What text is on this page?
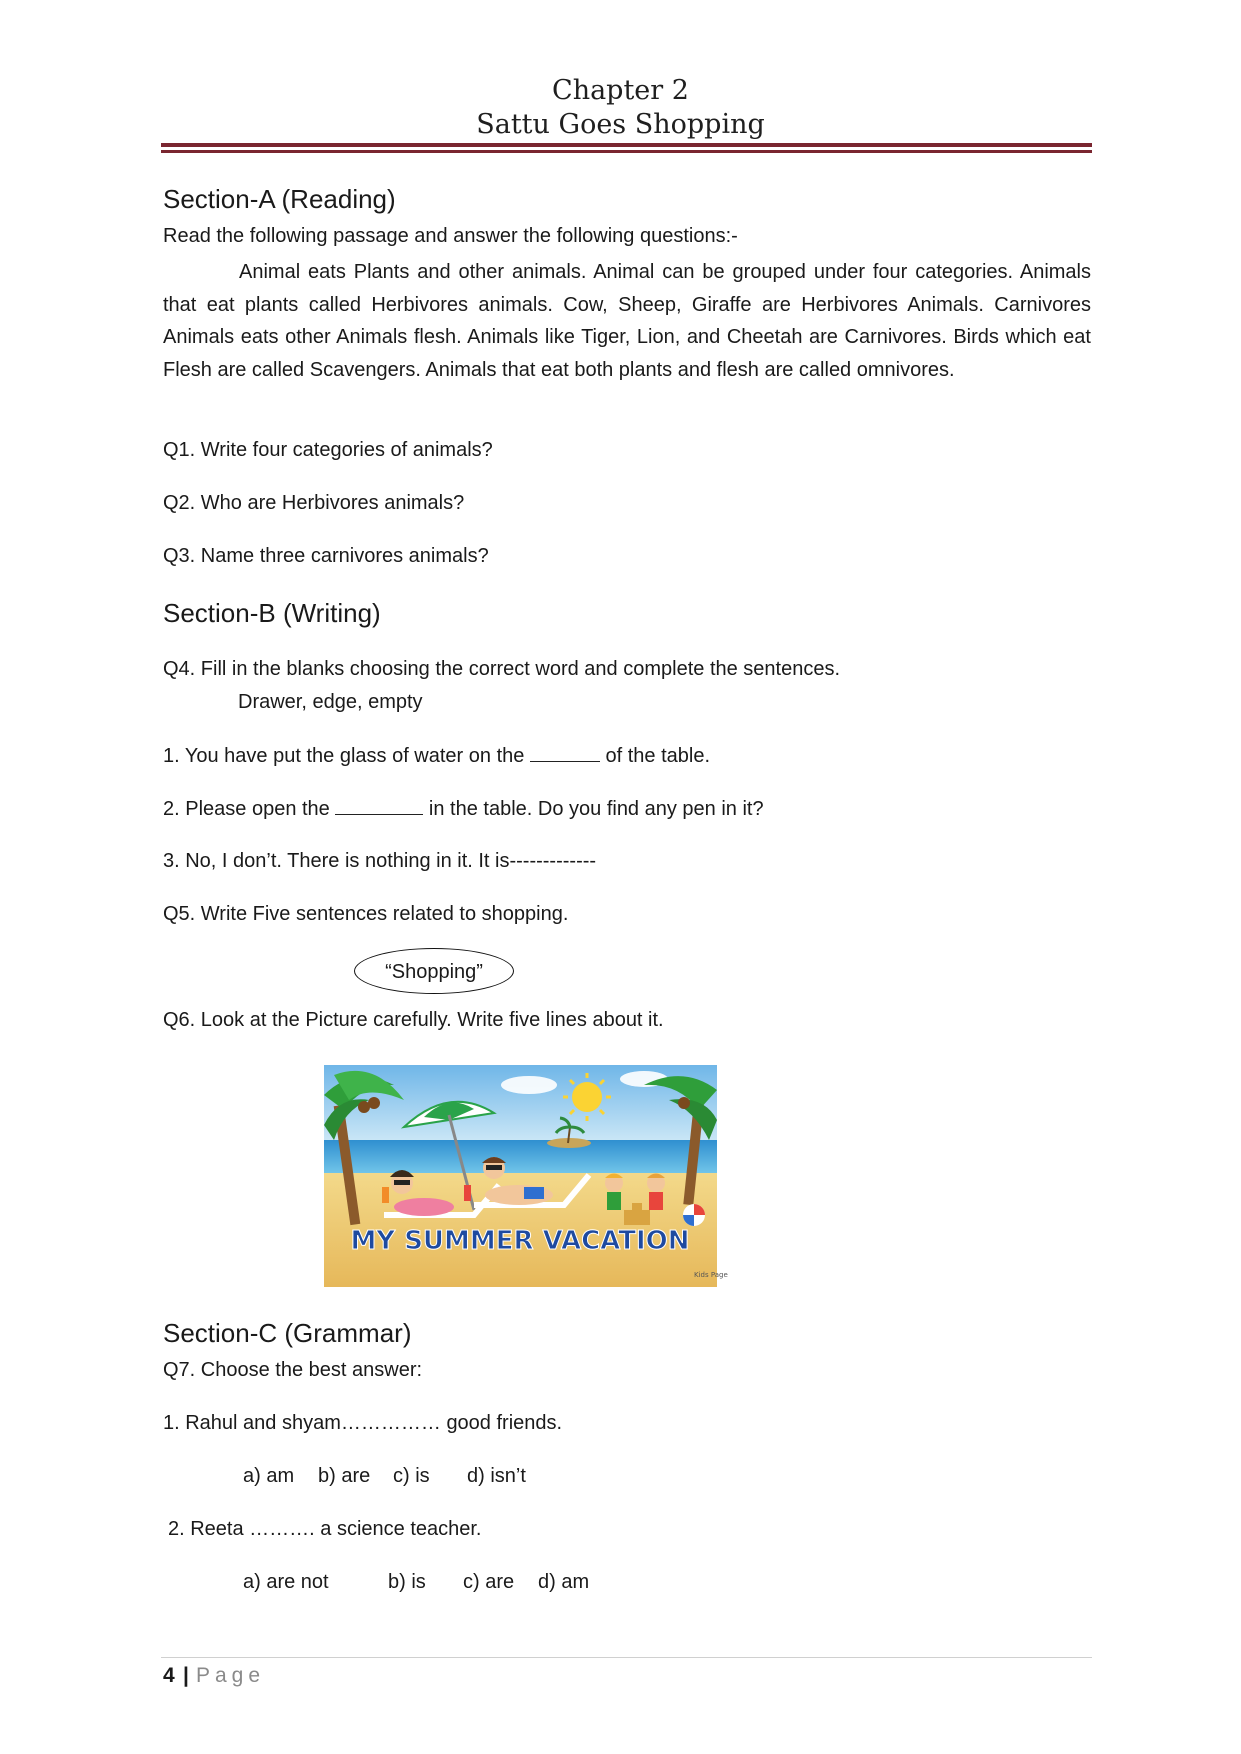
Chapter 2
Sattu Goes Shopping
Section-A (Reading)
Read the following passage and answer the following questions:-
Animal eats Plants and other animals. Animal can be grouped under four categories. Animals that eat plants called Herbivores animals. Cow, Sheep, Giraffe are Herbivores Animals. Carnivores Animals eats other Animals flesh. Animals like Tiger, Lion, and Cheetah are Carnivores. Birds which eat Flesh are called Scavengers. Animals that eat both plants and flesh are called omnivores.
Q1. Write four categories of animals?
Q2. Who are Herbivores animals?
Q3. Name three carnivores animals?
Section-B (Writing)
Q4. Fill in the blanks choosing the correct word and complete the sentences.
Drawer, edge, empty
1. You have put the glass of water on the	of the table.
2. Please open the	in the table. Do you find any pen in it?
3. No, I don’t. There is nothing in it. It is-------------
Q5. Write Five sentences related to shopping.
“Shopping”
Q6. Look at the Picture carefully. Write five lines about it.
MY SUMMER VACATION
Kids Page
Section-C (Grammar)
Q7. Choose the best answer:
1. Rahul and shyam…………… good friends.
a) am b) are c) is d) isn’t
2. Reeta ………. a science teacher.
a) are not	b) is c) are d) am
4 | Page
